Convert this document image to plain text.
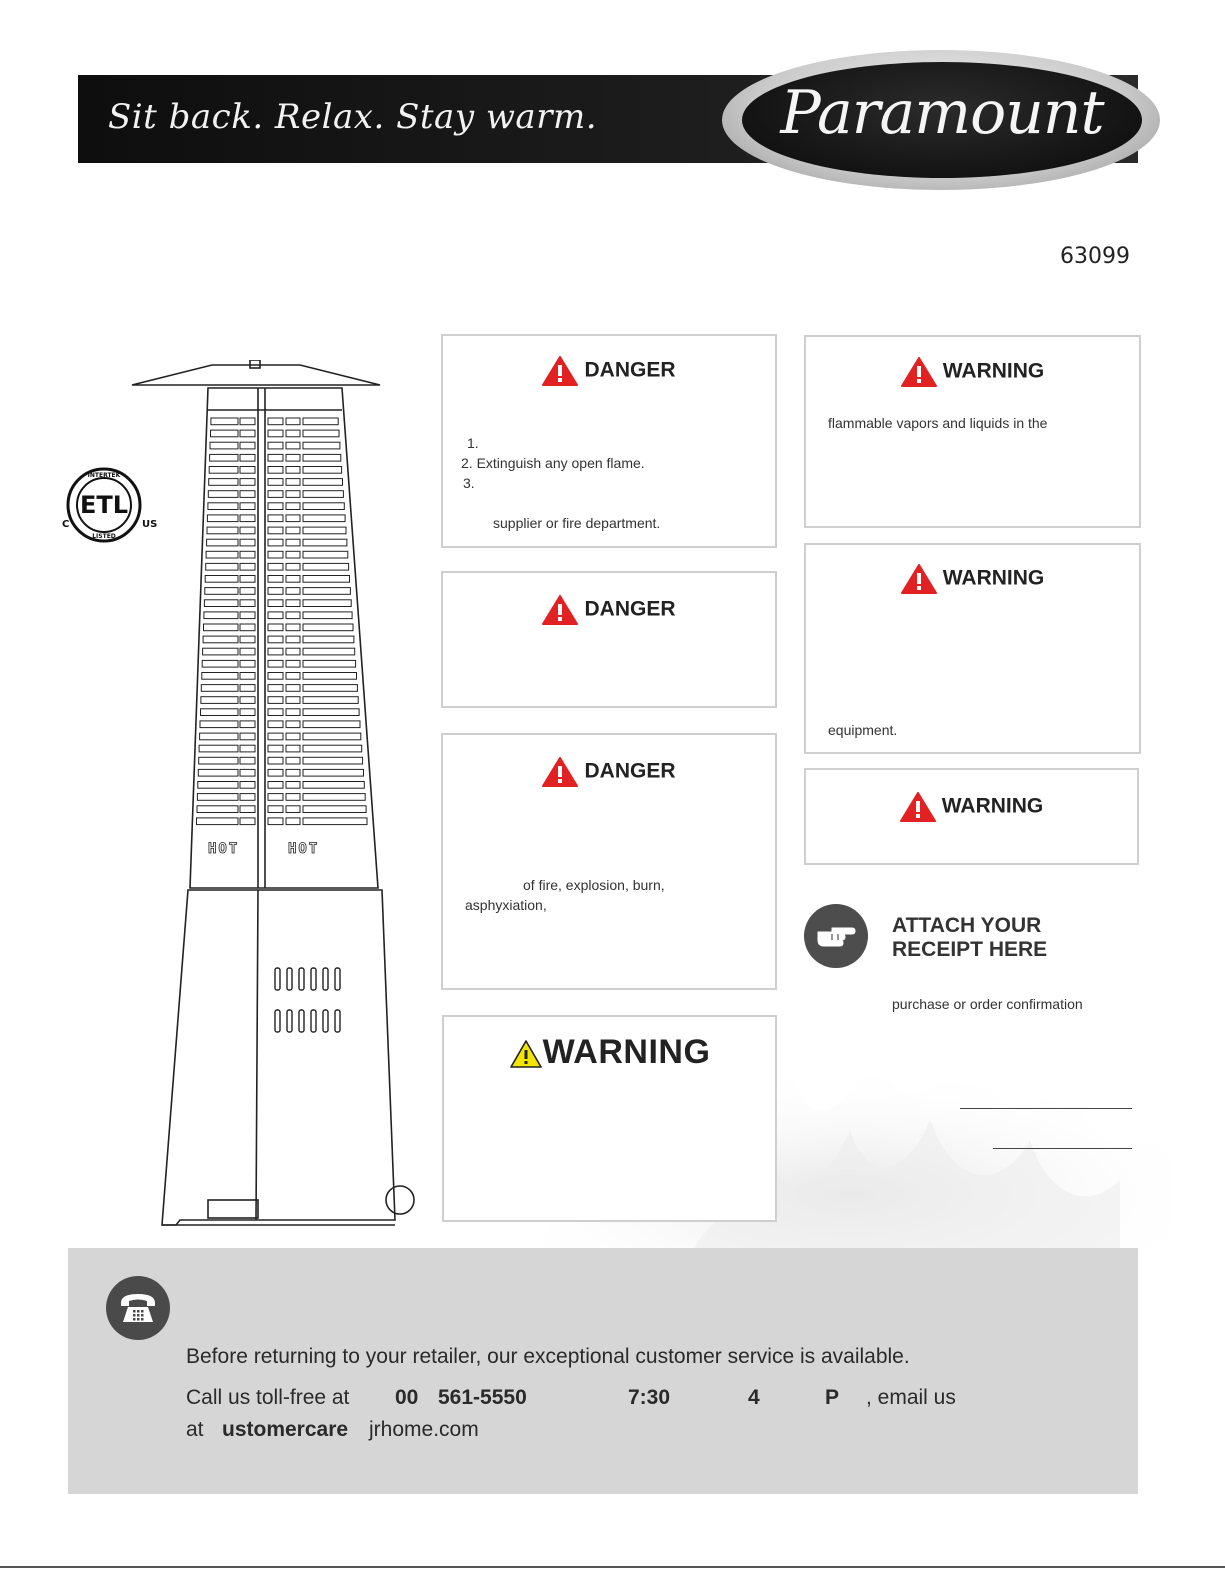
Sit back. Relax. Stay warm.	Paramount
63099
ETL
INTERTEK
LISTED
C	US
HOT	HOT
DANGER
1.
2. Extinguish any open flame.
3.
supplier or fire department.
DANGER
DANGER
of fire, explosion, burn,
asphyxiation,
WARNING
WARNING
flammable vapors and liquids in the
WARNING
equipment.
WARNING
ATTACH YOUR
RECEIPT HERE
purchase or order confirmation
Before returning to your retailer, our exceptional customer service is available.
Call us toll-free at 00 561-5550	7:30	4	P , email us
at ustomercare jrhome.com
